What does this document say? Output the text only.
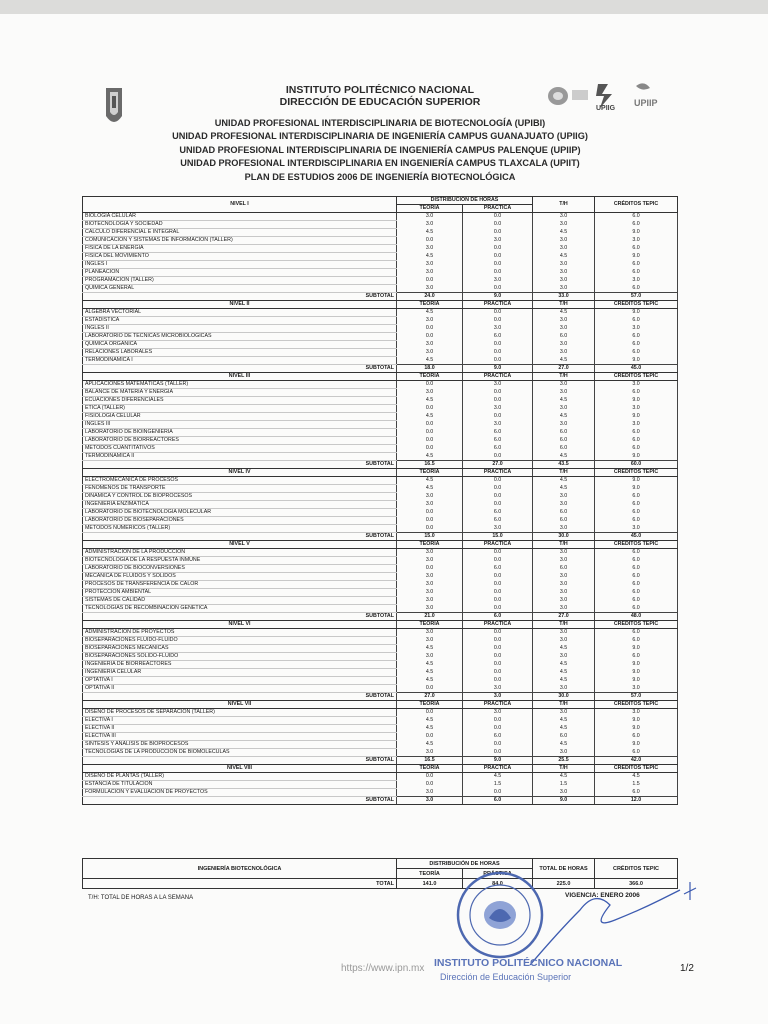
UPIIG
UPIIP
INSTITUTO POLITÉCNICO NACIONAL
DIRECCIÓN DE EDUCACIÓN SUPERIOR
UNIDAD PROFESIONAL INTERDISCIPLINARIA DE BIOTECNOLOGÍA (UPIBI)
UNIDAD PROFESIONAL INTERDISCIPLINARIA DE INGENIERÍA CAMPUS GUANAJUATO (UPIIG)
UNIDAD PROFESIONAL INTERDISCIPLINARIA DE INGENIERÍA CAMPUS PALENQUE (UPIIP)
UNIDAD PROFESIONAL INTERDISCIPLINARIA EN INGENIERÍA CAMPUS TLAXCALA (UPIIT)
PLAN DE ESTUDIOS 2006 DE INGENIERÍA BIOTECNOLÓGICA
NIVEL I	DISTRIBUCIÓN DE HORAS		T/H	CRÉDITOS TEPIC
	TEORÍA	PRÁCTICA		
BIOLOGÍA CELULAR	3.0	0.0	3.0	6.0
BIOTECNOLOGÍA Y SOCIEDAD	3.0	0.0	3.0	6.0
CÁLCULO DIFERENCIAL E INTEGRAL	4.5	0.0	4.5	9.0
COMUNICACIÓN Y SISTEMAS DE INFORMACIÓN (TALLER)	0.0	3.0	3.0	3.0
FÍSICA DE LA ENERGÍA	3.0	0.0	3.0	6.0
FÍSICA DEL MOVIMIENTO	4.5	0.0	4.5	9.0
INGLÉS I	3.0	0.0	3.0	6.0
PLANEACIÓN	3.0	0.0	3.0	6.0
PROGRAMACIÓN (TALLER)	0.0	3.0	3.0	3.0
QUÍMICA GENERAL	3.0	0.0	3.0	6.0
SUBTOTAL	24.0	9.0	33.0	57.0
NIVEL II	TEORÍA	PRÁCTICA	T/H	CRÉDITOS TEPIC
ÁLGEBRA VECTORIAL	4.5	0.0	4.5	9.0
ESTADÍSTICA	3.0	0.0	3.0	6.0
INGLÉS II	0.0	3.0	3.0	3.0
LABORATORIO DE TÉCNICAS MICROBIOLÓGICAS	0.0	6.0	6.0	6.0
QUÍMICA ORGÁNICA	3.0	0.0	3.0	6.0
RELACIONES LABORALES	3.0	0.0	3.0	6.0
TERMODINÁMICA I	4.5	0.0	4.5	9.0
SUBTOTAL	18.0	9.0	27.0	45.0
NIVEL III	TEORÍA	PRÁCTICA	T/H	CRÉDITOS TEPIC
APLICACIONES MATEMÁTICAS (TALLER)	0.0	3.0	3.0	3.0
BALANCE DE MATERIA Y ENERGÍA	3.0	0.0	3.0	6.0
ECUACIONES DIFERENCIALES	4.5	0.0	4.5	9.0
ÉTICA (TALLER)	0.0	3.0	3.0	3.0
FISIOLOGÍA CELULAR	4.5	0.0	4.5	9.0
INGLÉS III	0.0	3.0	3.0	3.0
LABORATORIO DE BIOINGENIERÍA	0.0	6.0	6.0	6.0
LABORATORIO DE BIORREACTORES	0.0	6.0	6.0	6.0
MÉTODOS CUANTITATIVOS	0.0	6.0	6.0	6.0
TERMODINÁMICA II	4.5	0.0	4.5	9.0
SUBTOTAL	16.5	27.0	43.5	60.0
NIVEL IV	TEORÍA	PRÁCTICA	T/H	CRÉDITOS TEPIC
ELECTROMECÁNICA DE PROCESOS	4.5	0.0	4.5	9.0
FENÓMENOS DE TRANSPORTE	4.5	0.0	4.5	9.0
DINÁMICA Y CONTROL DE BIOPROCESOS	3.0	0.0	3.0	6.0
INGENIERÍA ENZIMÁTICA	3.0	0.0	3.0	6.0
LABORATORIO DE BIOTECNOLOGÍA MOLECULAR	0.0	6.0	6.0	6.0
LABORATORIO DE BIOSEPARACIONES	0.0	6.0	6.0	6.0
MÉTODOS NUMÉRICOS (TALLER)	0.0	3.0	3.0	3.0
SUBTOTAL	15.0	15.0	30.0	45.0
NIVEL V	TEORÍA	PRÁCTICA	T/H	CRÉDITOS TEPIC
ADMINISTRACIÓN DE LA PRODUCCIÓN	3.0	0.0	3.0	6.0
BIOTECNOLOGÍA DE LA RESPUESTA INMUNE	3.0	0.0	3.0	6.0
LABORATORIO DE BIOCONVERSIONES	0.0	6.0	6.0	6.0
MECÁNICA DE FLUIDOS Y SÓLIDOS	3.0	0.0	3.0	6.0
PROCESOS DE TRANSFERENCIA DE CALOR	3.0	0.0	3.0	6.0
PROTECCIÓN AMBIENTAL	3.0	0.0	3.0	6.0
SISTEMAS DE CALIDAD	3.0	0.0	3.0	6.0
TECNOLOGÍAS DE RECOMBINACIÓN GENÉTICA	3.0	0.0	3.0	6.0
SUBTOTAL	21.0	6.0	27.0	48.0
NIVEL VI	TEORÍA	PRÁCTICA	T/H	CRÉDITOS TEPIC
ADMINISTRACIÓN DE PROYECTOS	3.0	0.0	3.0	6.0
BIOSEPARACIONES FLUIDO-FLUIDO	3.0	0.0	3.0	6.0
BIOSEPARACIONES MECÁNICAS	4.5	0.0	4.5	9.0
BIOSEPARACIONES SÓLIDO-FLUIDO	3.0	0.0	3.0	6.0
INGENIERÍA DE BIORREACTORES	4.5	0.0	4.5	9.0
INGENIERÍA CELULAR	4.5	0.0	4.5	9.0
OPTATIVA I	4.5	0.0	4.5	9.0
OPTATIVA II	0.0	3.0	3.0	3.0
SUBTOTAL	27.0	3.0	30.0	57.0
NIVEL VII	TEORÍA	PRÁCTICA	T/H	CRÉDITOS TEPIC
DISEÑO DE PROCESOS DE SEPARACIÓN (TALLER)	0.0	3.0	3.0	3.0
ELECTIVA I	4.5	0.0	4.5	9.0
ELECTIVA II	4.5	0.0	4.5	9.0
ELECTIVA III	0.0	6.0	6.0	6.0
SÍNTESIS Y ANÁLISIS DE BIOPROCESOS	4.5	0.0	4.5	9.0
TECNOLOGÍAS DE LA PRODUCCIÓN DE BIOMOLÉCULAS	3.0	0.0	3.0	6.0
SUBTOTAL	16.5	9.0	25.5	42.0
NIVEL VIII	TEORÍA	PRÁCTICA	T/H	CRÉDITOS TEPIC
DISEÑO DE PLANTAS (TALLER)	0.0	4.5	4.5	4.5
ESTANCIA DE TITULACIÓN	0.0	1.5	1.5	1.5
FORMULACIÓN Y EVALUACIÓN DE PROYECTOS	3.0	0.0	3.0	6.0
SUBTOTAL	3.0	6.0	9.0	12.0
INGENIERÍA BIOTECNOLÓGICA	DISTRIBUCIÓN DE HORAS		TOTAL DE HORAS	CRÉDITOS TEPIC
	TEORÍA	PRÁCTICA		
TOTAL	141.0	84.0	225.0	366.0
T/H: TOTAL DE HORAS A LA SEMANA	VIGENCIA: ENERO 2006
https://www.ipn.mx INSTITUTO POLITÉCNICO NACIONAL
Dirección de Educación Superior
1/2
